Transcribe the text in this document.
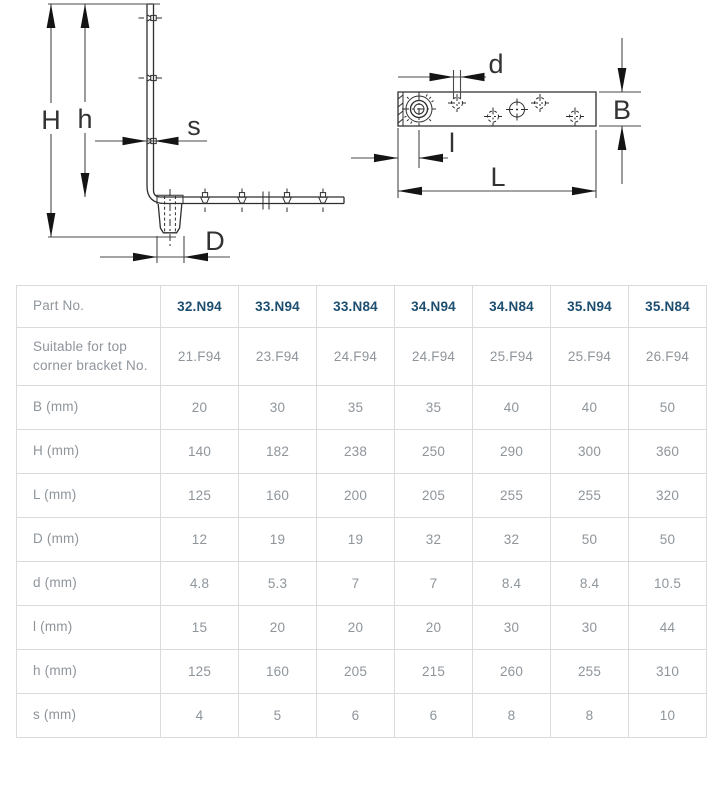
H h	s
D
d
B
l
L
Part No.	32.N94	33.N94	33.N84	34.N94	34.N84	35.N94	35.N84
Suitable for top corner bracket No.	21.F94	23.F94	24.F94	24.F94	25.F94	25.F94	26.F94
B (mm)	20	30	35	35	40	40	50
H (mm)	140	182	238	250	290	300	360
L (mm)	125	160	200	205	255	255	320
D (mm)	12	19	19	32	32	50	50
d (mm)	4.8	5.3	7	7	8.4	8.4	10.5
l (mm)	15	20	20	20	30	30	44
h (mm)	125	160	205	215	260	255	310
s (mm)	4	5	6	6	8	8	10
